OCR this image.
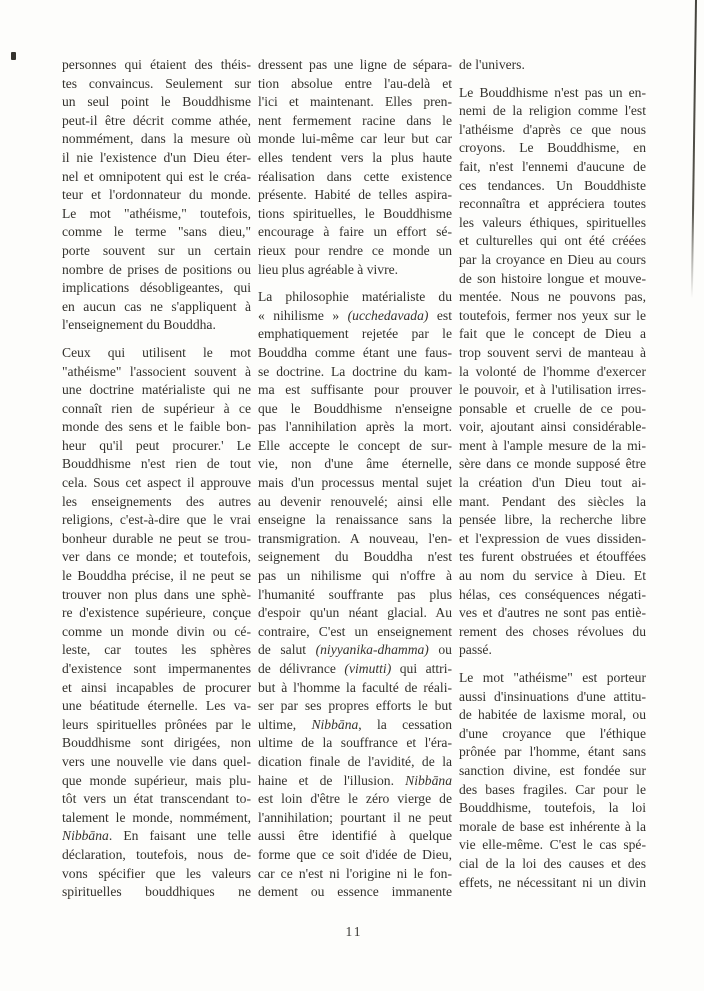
personnes qui étaient des théis-
tes convaincus. Seulement sur
un seul point le Bouddhisme
peut-il être décrit comme athée,
nommément, dans la mesure où
il nie l'existence d'un Dieu éter-
nel et omnipotent qui est le créa-
teur et l'ordonnateur du monde.
Le mot "athéisme," toutefois,
comme le terme "sans dieu,"
porte souvent sur un certain
nombre de prises de positions ou
implications désobligeantes, qui
en aucun cas ne s'appliquent à
l'enseignement du Bouddha.
Ceux qui utilisent le mot
"athéisme" l'associent souvent à
une doctrine matérialiste qui ne
connaît rien de supérieur à ce
monde des sens et le faible bon-
heur qu'il peut procurer.' Le
Bouddhisme n'est rien de tout
cela. Sous cet aspect il approuve
les enseignements des autres
religions, c'est-à-dire que le vrai
bonheur durable ne peut se trou-
ver dans ce monde; et toutefois,
le Bouddha précise, il ne peut se
trouver non plus dans une sphè-
re d'existence supérieure, conçue
comme un monde divin ou cé-
leste, car toutes les sphères
d'existence sont impermanentes
et ainsi incapables de procurer
une béatitude éternelle. Les va-
leurs spirituelles prônées par le
Bouddhisme sont dirigées, non
vers une nouvelle vie dans quel-
que monde supérieur, mais plu-
tôt vers un état transcendant to-
talement le monde, nommément,
Nibbāna. En faisant une telle
déclaration, toutefois, nous de-
vons spécifier que les valeurs
spirituelles bouddhiques ne
dressent pas une ligne de sépara-
tion absolue entre l'au-delà et
l'ici et maintenant. Elles pren-
nent fermement racine dans le
monde lui-même car leur but car
elles tendent vers la plus haute
réalisation dans cette existence
présente. Habité de telles aspira-
tions spirituelles, le Bouddhisme
encourage à faire un effort sé-
rieux pour rendre ce monde un
lieu plus agréable à vivre.
La philosophie matérialiste du
« nihilisme » (ucchedavada) est
emphatiquement rejetée par le
Bouddha comme étant une faus-
se doctrine. La doctrine du kam-
ma est suffisante pour prouver
que le Bouddhisme n'enseigne
pas l'annihilation après la mort.
Elle accepte le concept de sur-
vie, non d'une âme éternelle,
mais d'un processus mental sujet
au devenir renouvelé; ainsi elle
enseigne la renaissance sans la
transmigration. A nouveau, l'en-
seignement du Bouddha n'est
pas un nihilisme qui n'offre à
l'humanité souffrante pas plus
d'espoir qu'un néant glacial. Au
contraire, C'est un enseignement
de salut (niyyanika-dhamma) ou
de délivrance (vimutti) qui attri-
but à l'homme la faculté de réali-
ser par ses propres efforts le but
ultime, Nibbāna, la cessation
ultime de la souffrance et l'éra-
dication finale de l'avidité, de la
haine et de l'illusion. Nibbāna
est loin d'être le zéro vierge de
l'annihilation; pourtant il ne peut
aussi être identifié à quelque
forme que ce soit d'idée de Dieu,
car ce n'est ni l'origine ni le fon-
dement ou essence immanente
de l'univers.
Le Bouddhisme n'est pas un en-
nemi de la religion comme l'est
l'athéisme d'après ce que nous
croyons. Le Bouddhisme, en
fait, n'est l'ennemi d'aucune de
ces tendances. Un Bouddhiste
reconnaîtra et appréciera toutes
les valeurs éthiques, spirituelles
et culturelles qui ont été créées
par la croyance en Dieu au cours
de son histoire longue et mouve-
mentée. Nous ne pouvons pas,
toutefois, fermer nos yeux sur le
fait que le concept de Dieu a
trop souvent servi de manteau à
la volonté de l'homme d'exercer
le pouvoir, et à l'utilisation irres-
ponsable et cruelle de ce pou-
voir, ajoutant ainsi considérable-
ment à l'ample mesure de la mi-
sère dans ce monde supposé être
la création d'un Dieu tout ai-
mant. Pendant des siècles la
pensée libre, la recherche libre
et l'expression de vues dissiden-
tes furent obstruées et étouffées
au nom du service à Dieu. Et
hélas, ces conséquences négati-
ves et d'autres ne sont pas entiè-
rement des choses révolues du
passé.
Le mot "athéisme" est porteur
aussi d'insinuations d'une attitu-
de habitée de laxisme moral, ou
d'une croyance que l'éthique
prônée par l'homme, étant sans
sanction divine, est fondée sur
des bases fragiles. Car pour le
Bouddhisme, toutefois, la loi
morale de base est inhérente à la
vie elle-même. C'est le cas spé-
cial de la loi des causes et des
effets, ne nécessitant ni un divin
11
